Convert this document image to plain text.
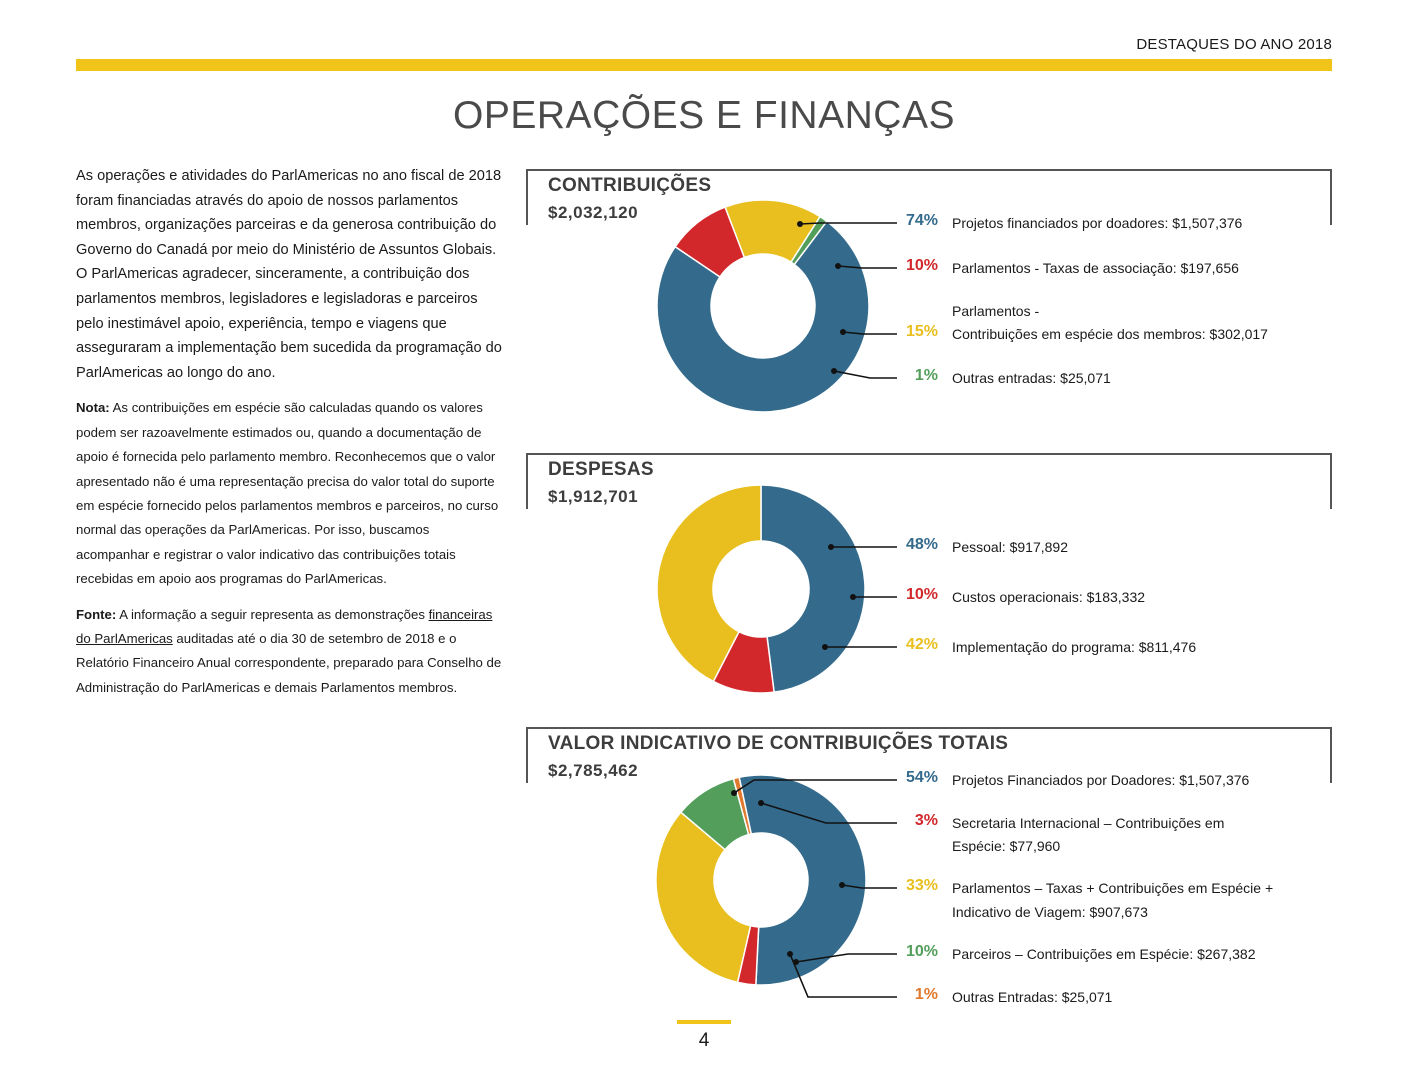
DESTAQUES DO ANO 2018
OPERAÇÕES E FINANÇAS

As operações e atividades do ParlAmericas no ano fiscal de 2018 foram financiadas através do apoio de nossos parlamentos membros, organizações parceiras e da generosa contribuição do Governo do Canadá por meio do Ministério de Assuntos Globais. O ParlAmericas agradecer, sinceramente, a contribuição dos parlamentos membros, legisladores e legisladoras e parceiros pelo inestimável apoio, experiência, tempo e viagens que asseguraram a implementação bem sucedida da programação do ParlAmericas ao longo do ano.

Nota: As contribuições em espécie são calculadas quando os valores podem ser razoavelmente estimados ou, quando a documentação de apoio é fornecida pelo parlamento membro. Reconhecemos que o valor apresentado não é uma representação precisa do valor total do suporte em espécie fornecido pelos parlamentos membros e parceiros, no curso normal das operações da ParlAmericas. Por isso, buscamos acompanhar e registrar o valor indicativo das contribuições totais recebidas em apoio aos programas do ParlAmericas.

Fonte: A informação a seguir representa as demonstrações financeiras do ParlAmericas auditadas até o dia 30 de setembro de 2018 e o Relatório Financeiro Anual correspondente, preparado para Conselho de Administração do ParlAmericas e demais Parlamentos membros.

CONTRIBUIÇÕES
$2,032,120
DESPESAS
$1,912,701
VALOR INDICATIVO DE CONTRIBUIÇÕES TOTAIS
$2,785,462
74% Projetos financiados por doadores: $1,507,376
10% Parlamentos - Taxas de associação: $197,656
15%
Parlamentos -
Contribuições em espécie dos membros: $302,017
1% Outras entradas: $25,071
48% Pessoal: $917,892
10% Custos operacionais: $183,332
42% Implementação do programa: $811,476
54% Projetos Financiados por Doadores: $1,507,376
3% Secretaria Internacional – Contribuições em
Espécie: $77,960
33% Parlamentos – Taxas + Contribuições em Espécie +
Indicativo de Viagem: $907,673
10% Parceiros – Contribuições em Espécie: $267,382
1% Outras Entradas: $25,071
4
